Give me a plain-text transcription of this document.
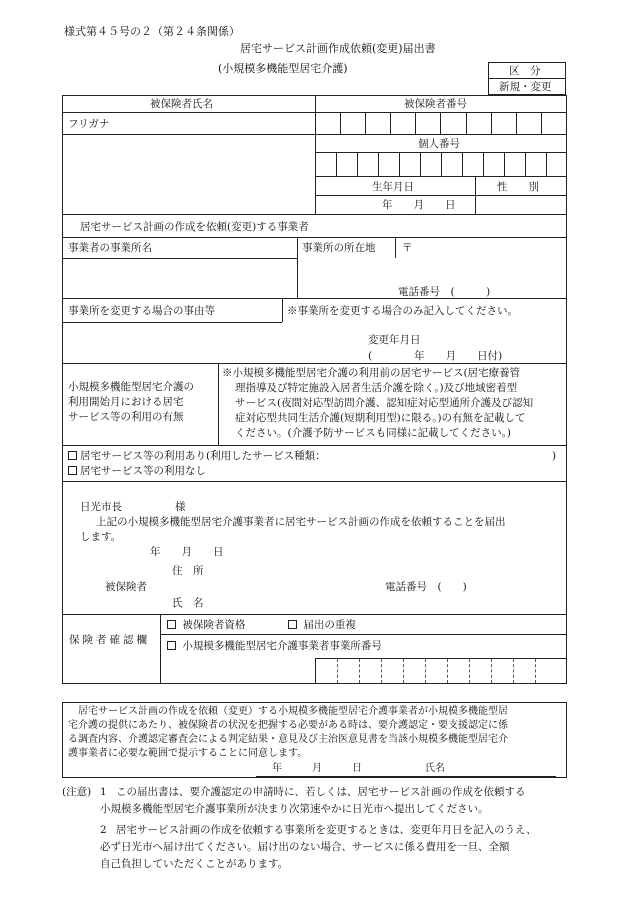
様式第４５号の２（第２４条関係）
居宅サービス計画作成依頼(変更)届出書
(小規模多機能型居宅介護)	区　分
新規・変更
被保険者氏名	被保険者番号
フリガナ
個人番号
生年月日	性　　別
年　　月　　日
居宅サービス計画の作成を依頼(変更)する事業者
事業者の事業所名	事業所の所在地	〒
電話番号　(　　　)
事業所を変更する場合の事由等	※事業所を変更する場合のみ記入してください。
変更年月日
(　　　　年　　月　　日付)
小規模多機能型居宅介護の
利用開始月における居宅
サービス等の利用の有無
※小規模多機能型居宅介護の利用前の居宅サービス(居宅療養管
理指導及び特定施設入居者生活介護を除く。)及び地域密着型
サービス(夜間対応型訪問介護、認知症対応型通所介護及び認知
症対応型共同生活介護(短期利用型)に限る。)の有無を記載して
ください。(介護予防サービスも同様に記載してください。)
居宅サービス等の利用あり(利用したサービス種類：	)
居宅サービス等の利用なし
日光市長	様
上記の小規模多機能型居宅介護事業者に居宅サービス計画の作成を依頼することを届出
します。
年　　月　　日
住　所
被保険者	電話番号　(　　)
氏　名
保険者確認欄
被保険者資格	届出の重複
小規模多機能型居宅介護事業者事業所番号
居宅サービス計画の作成を依頼（変更）する小規模多機能型居宅介護事業者が小規模多機能型居
宅介護の提供にあたり、被保険者の状況を把握する必要がある時は、要介護認定・要支援認定に係
る調査内容、介護認定審査会による判定結果・意見及び主治医意見書を当該小規模多機能型居宅介
護事業者に必要な範囲で提示することに同意します。
年　　　月　　　日	氏名
(注意) 1 この届出書は、要介護認定の申請時に、若しくは、居宅サービス計画の作成を依頼する
小規模多機能型居宅介護事業所が決まり次第速やかに日光市へ提出してください。
2 居宅サービス計画の作成を依頼する事業所を変更するときは、変更年月日を記入のうえ、
必ず日光市へ届け出てください。届け出のない場合、サービスに係る費用を一旦、全額
自己負担していただくことがあります。
